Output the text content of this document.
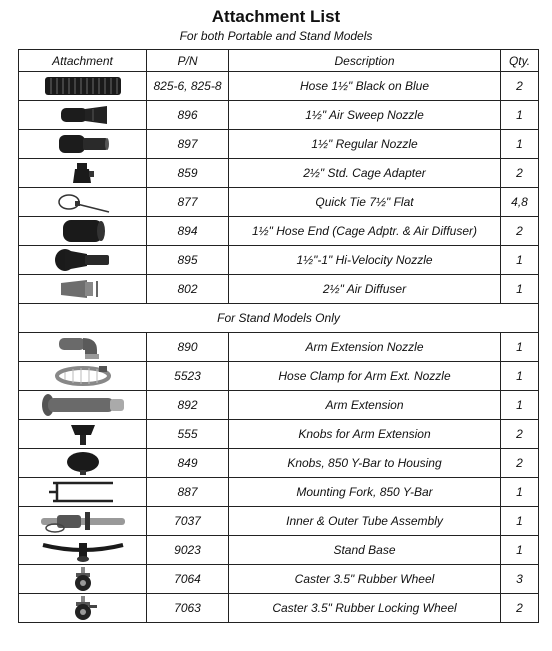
Attachment List
For both Portable and Stand Models
Attachment	P/N	Description	Qty.

	825-6, 825-8	Hose 1½" Black on Blue	2

	896	1½" Air Sweep Nozzle	1

	897	1½" Regular Nozzle	1

	859	2½" Std. Cage Adapter	2

	877	Quick Tie 7½" Flat	4,8

	894	1½" Hose End (Cage Adptr. & Air Diffuser)	2

	895	1½"-1" Hi-Velocity Nozzle	1

	802	2½" Air Diffuser	1
For Stand Models Only			

	890	Arm Extension Nozzle	1

	5523	Hose Clamp for Arm Ext. Nozzle	1

	892	Arm Extension	1

	555	Knobs for Arm Extension	2

	849	Knobs, 850 Y-Bar to Housing	2

	887	Mounting Fork, 850 Y-Bar	1

	7037	Inner & Outer Tube Assembly	1

	9023	Stand Base	1

	7064	Caster 3.5" Rubber Wheel	3

	7063	Caster 3.5" Rubber Locking Wheel	2
